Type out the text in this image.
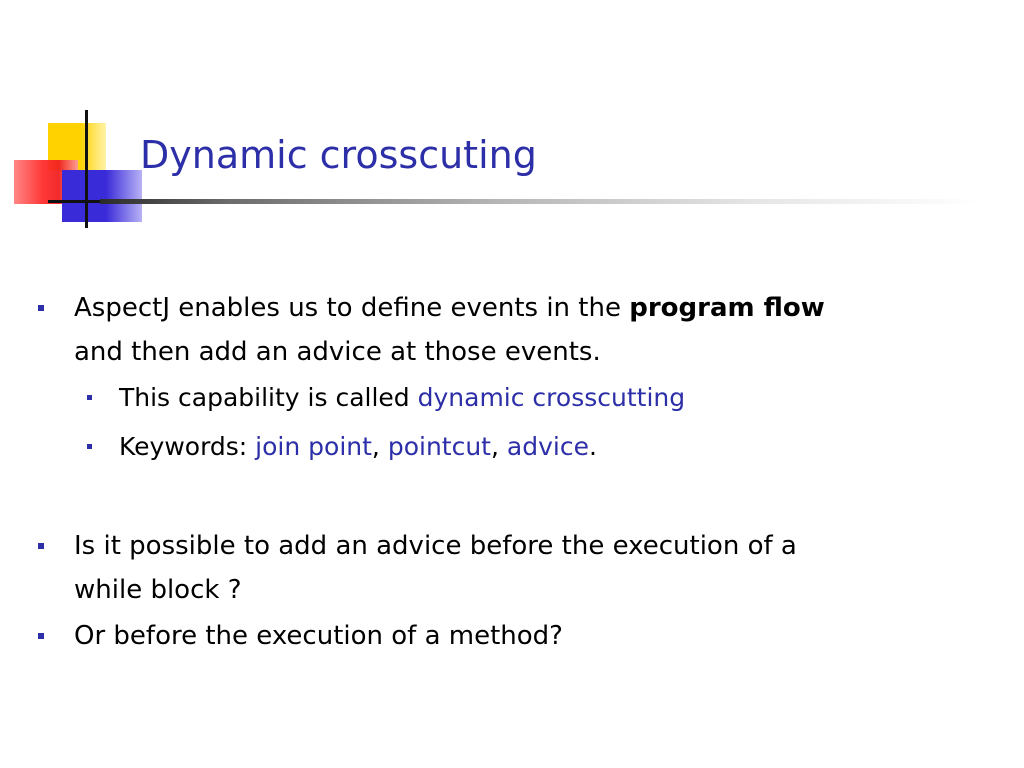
Dynamic crosscuting
AspectJ enables us to define events in the program flow
and then add an advice at those events.
This capability is called dynamic crosscutting
Keywords: join point, pointcut, advice.
Is it possible to add an advice before the execution of a
while block ?
Or before the execution of a method?
